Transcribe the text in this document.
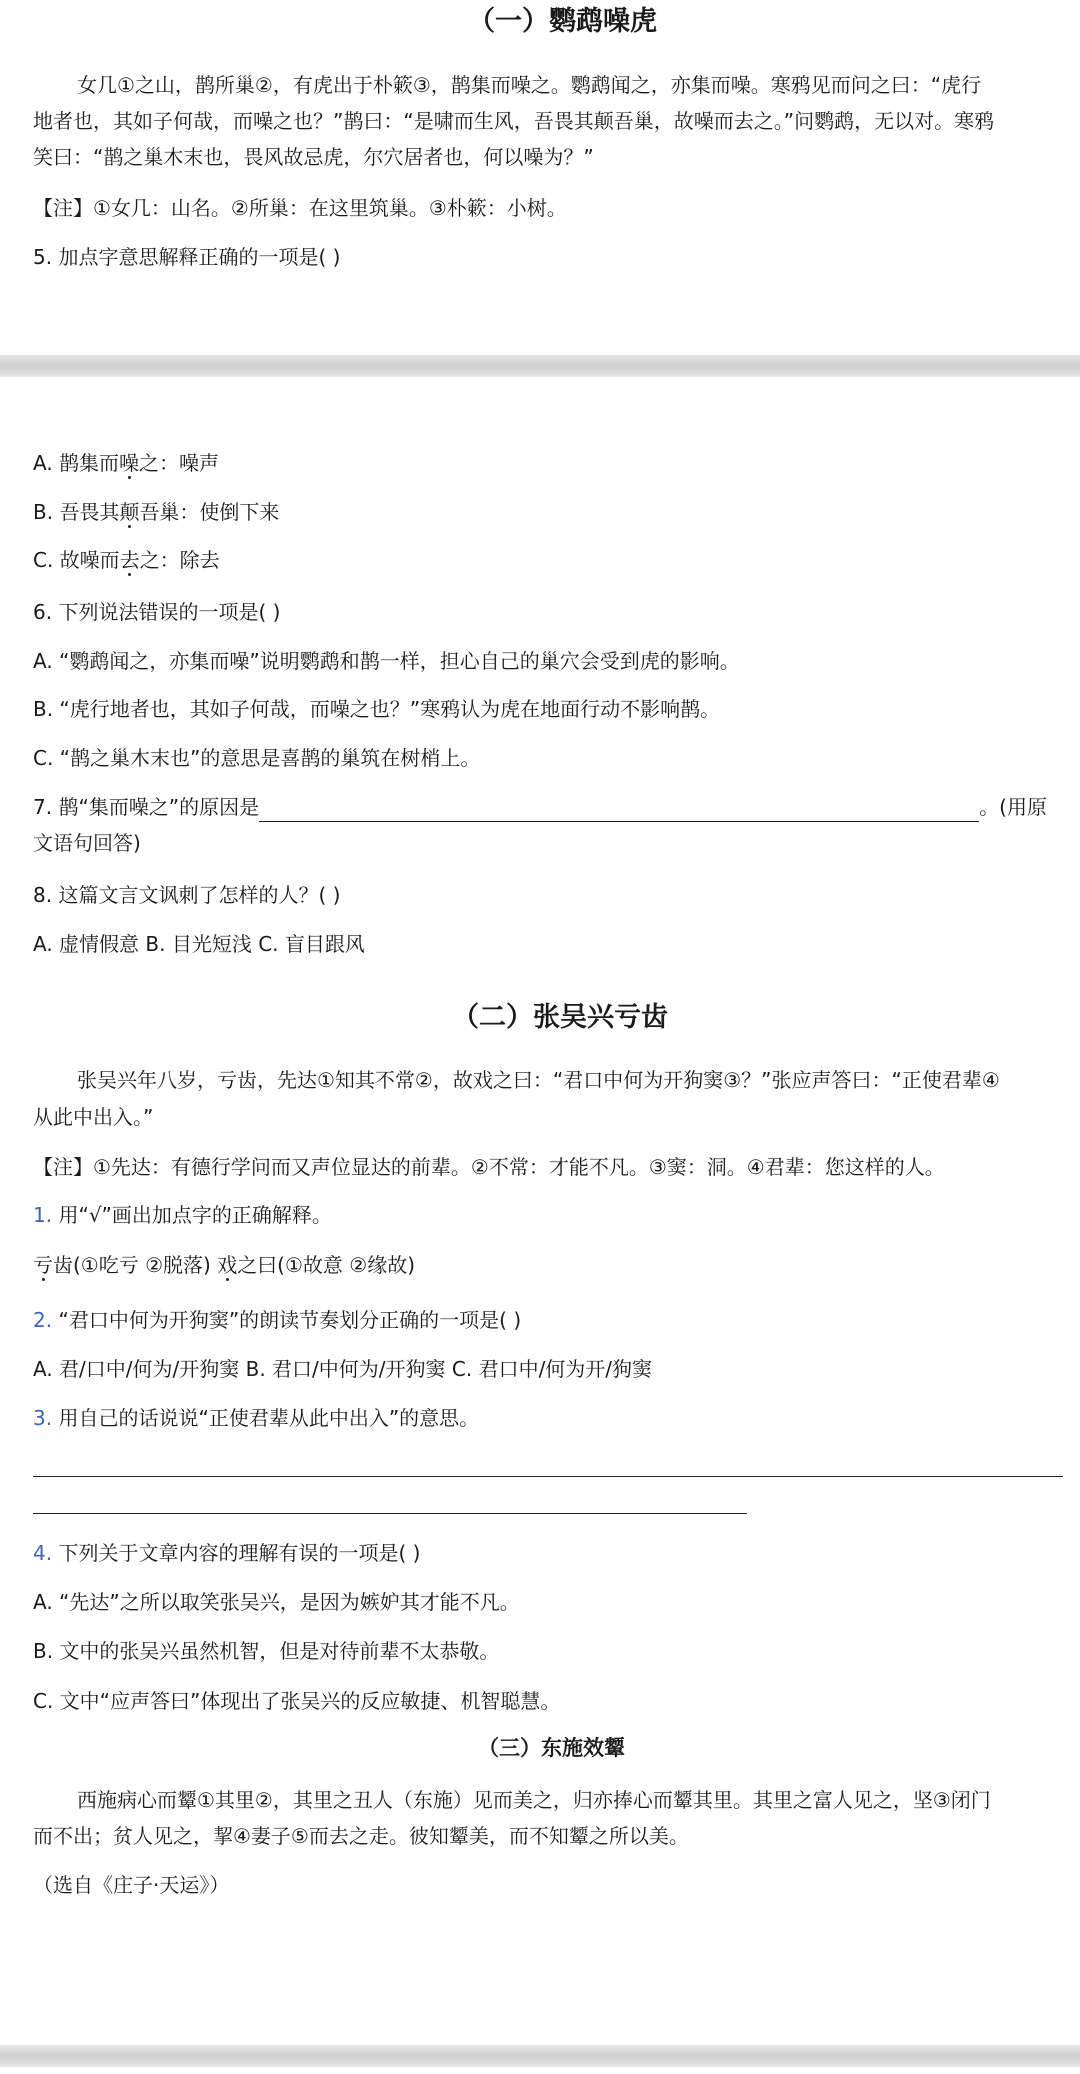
（一）鹦鹉噪虎
女几①之山，鹊所巢②，有虎出于朴簌③，鹊集而噪之。鹦鹉闻之，亦集而噪。寒鸦见而问之曰：“虎行
地者也，其如子何哉，而噪之也？”鹊曰：“是啸而生风，吾畏其颠吾巢，故噪而去之。”问鹦鹉，无以对。寒鸦
笑曰：“鹊之巢木末也，畏风故忌虎，尔穴居者也，何以噪为？”
【注】①女几：山名。②所巢：在这里筑巢。③朴簌：小树。
5. 加点字意思解释正确的一项是( )
A. 鹊集而噪之：噪声
B. 吾畏其颠吾巢：使倒下来
C. 故噪而去之：除去
6. 下列说法错误的一项是( )
A. “鹦鹉闻之，亦集而噪”说明鹦鹉和鹊一样，担心自己的巢穴会受到虎的影响。
B. “虎行地者也，其如子何哉，而噪之也？”寒鸦认为虎在地面行动不影响鹊。
C. “鹊之巢木末也”的意思是喜鹊的巢筑在树梢上。
7. 鹊“集而噪之”的原因是	。(用原
文语句回答)
8. 这篇文言文讽刺了怎样的人？( )
A. 虚情假意 B. 目光短浅 C. 盲目跟风
（二）张吴兴亏齿
张吴兴年八岁，亏齿，先达①知其不常②，故戏之曰：“君口中何为开狗窦③？”张应声答曰：“正使君辈④
从此中出入。”
【注】①先达：有德行学问而又声位显达的前辈。②不常：才能不凡。③窦：洞。④君辈：您这样的人。
1. 用“√”画出加点字的正确解释。
亏齿(①吃亏 ②脱落) 戏之曰(①故意 ②缘故)
2. “君口中何为开狗窦”的朗读节奏划分正确的一项是( )
A. 君/口中/何为/开狗窦 B. 君口/中何为/开狗窦 C. 君口中/何为开/狗窦
3. 用自己的话说说“正使君辈从此中出入”的意思。
4. 下列关于文章内容的理解有误的一项是( )
A. “先达”之所以取笑张吴兴，是因为嫉妒其才能不凡。
B. 文中的张吴兴虽然机智，但是对待前辈不太恭敬。
C. 文中“应声答曰”体现出了张吴兴的反应敏捷、机智聪慧。
（三）东施效颦
西施病心而颦①其里②，其里之丑人（东施）见而美之，归亦捧心而颦其里。其里之富人见之，坚③闭门
而不出；贫人见之，挈④妻子⑤而去之走。彼知颦美，而不知颦之所以美。
（选自《庄子·天运》）
